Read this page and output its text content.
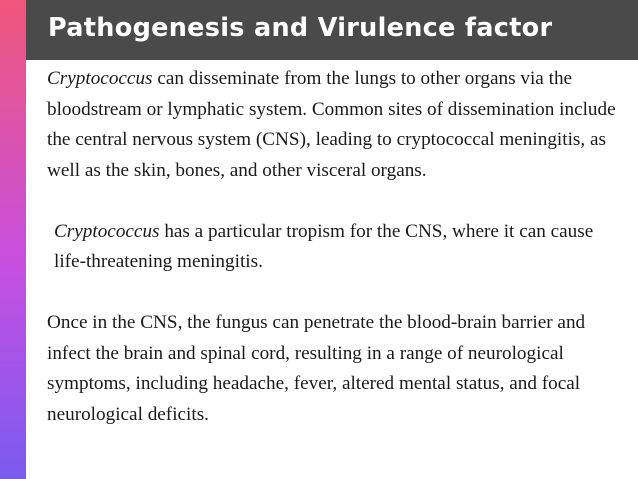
Pathogenesis and Virulence factor

Cryptococcus can disseminate from the lungs to other organs via the bloodstream or lymphatic system. Common sites of dissemination include the central nervous system (CNS), leading to cryptococcal meningitis, as well as the skin, bones, and other visceral organs.

Cryptococcus has a particular tropism for the CNS, where it can cause life-threatening meningitis.

Once in the CNS, the fungus can penetrate the blood-brain barrier and infect the brain and spinal cord, resulting in a range of neurological symptoms, including headache, fever, altered mental status, and focal neurological deficits.
